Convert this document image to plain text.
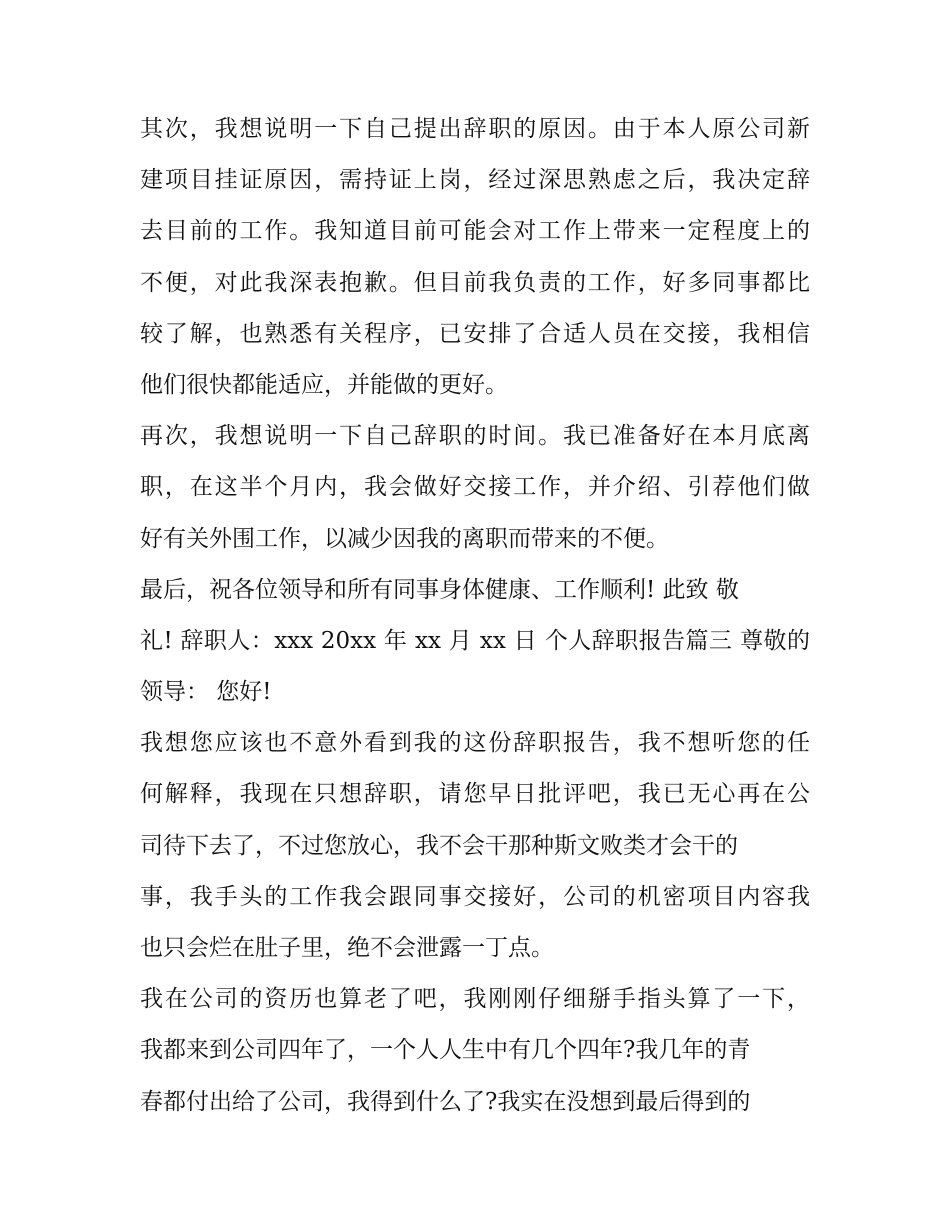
其次，我想说明一下自己提出辞职的原因。由于本人原公司新
建项目挂证原因，需持证上岗，经过深思熟虑之后，我决定辞
去目前的工作。我知道目前可能会对工作上带来一定程度上的
不便，对此我深表抱歉。但目前我负责的工作，好多同事都比
较了解，也熟悉有关程序，已安排了合适人员在交接，我相信
他们很快都能适应，并能做的更好。
再次，我想说明一下自己辞职的时间。我已准备好在本月底离
职，在这半个月内，我会做好交接工作，并介绍、引荐他们做
好有关外围工作，以减少因我的离职而带来的不便。
最后，祝各位领导和所有同事身体健康、工作顺利! 此致 敬
礼! 辞职人：xxx 20xx 年 xx 月 xx 日 个人辞职报告篇三 尊敬的
领导： 您好!
我想您应该也不意外看到我的这份辞职报告，我不想听您的任
何解释，我现在只想辞职，请您早日批评吧，我已无心再在公
司待下去了，不过您放心，我不会干那种斯文败类才会干的
事，我手头的工作我会跟同事交接好，公司的机密项目内容我
也只会烂在肚子里，绝不会泄露一丁点。
我在公司的资历也算老了吧，我刚刚仔细掰手指头算了一下，
我都来到公司四年了，一个人人生中有几个四年?我几年的青
春都付出给了公司，我得到什么了?我实在没想到最后得到的
